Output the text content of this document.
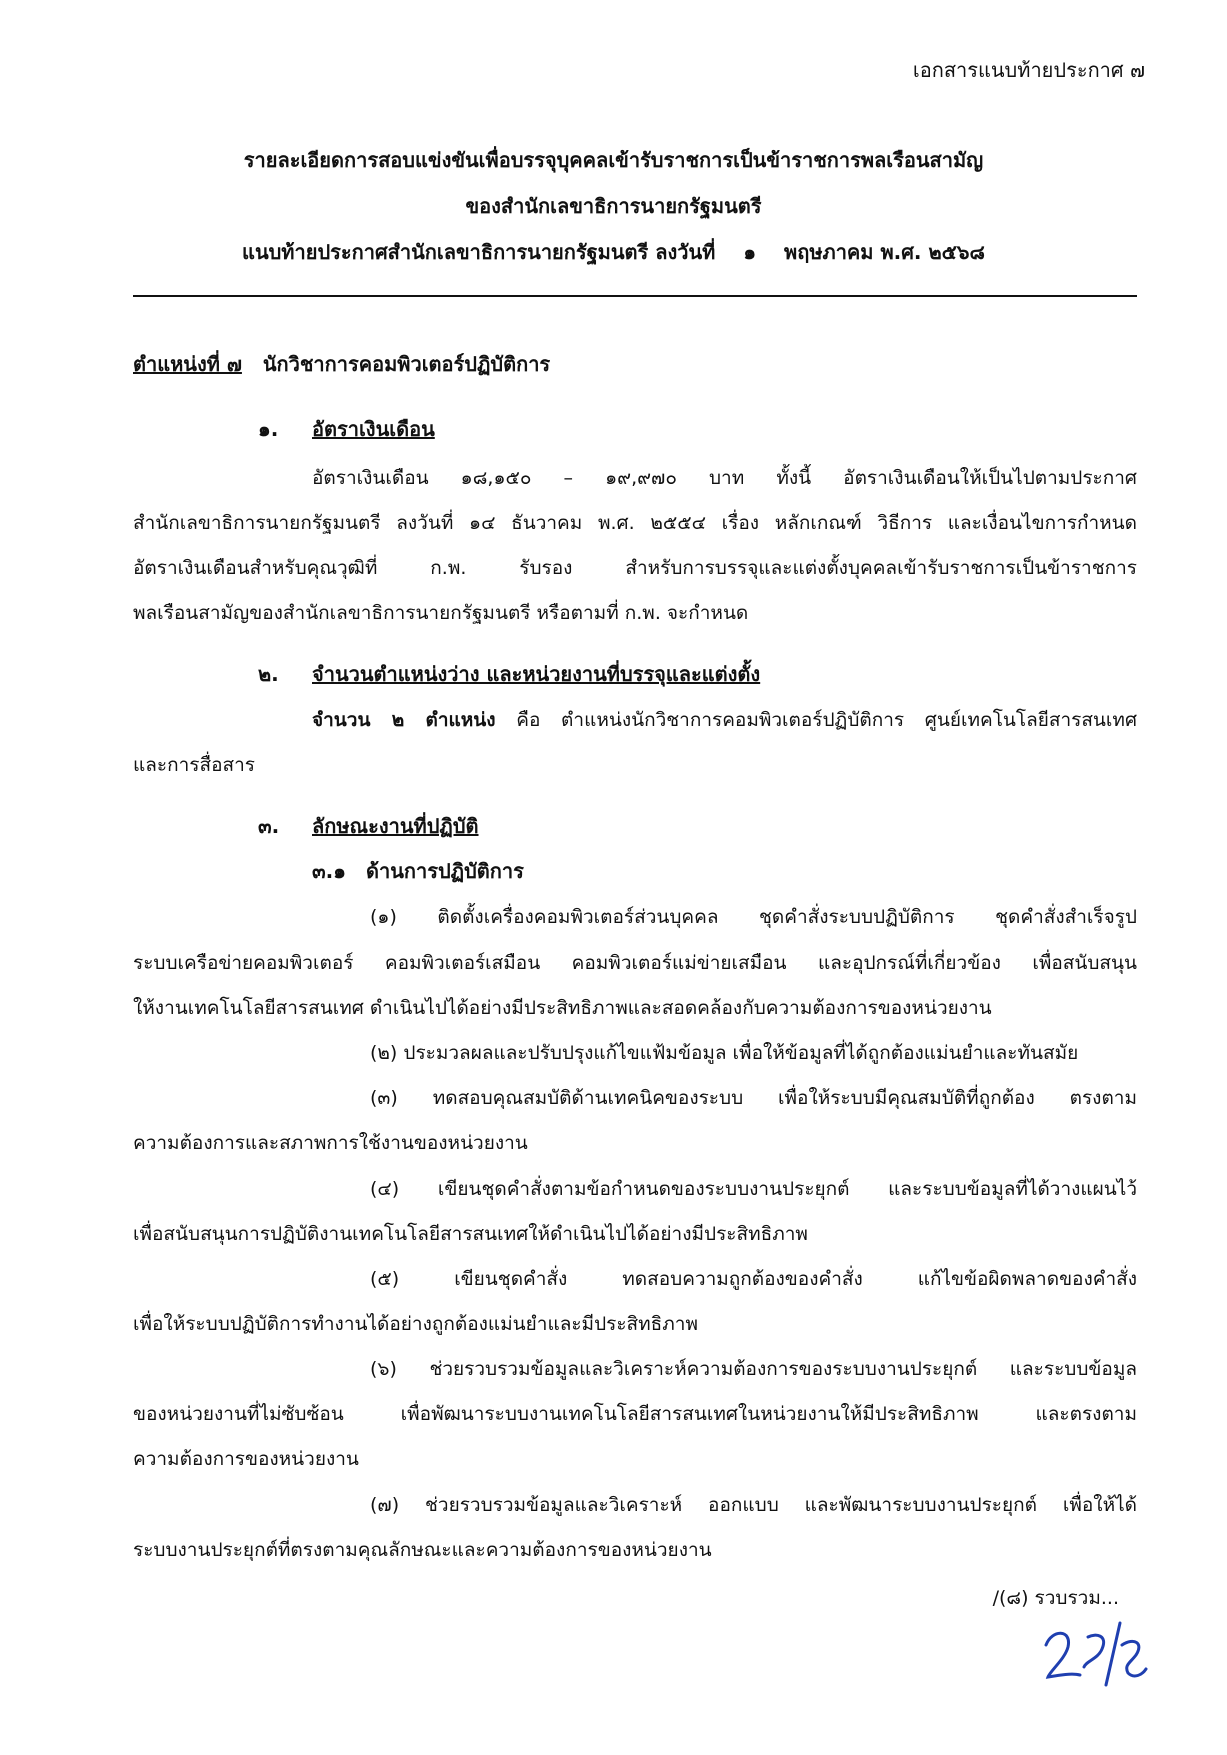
เอกสารแนบท้ายประกาศ ๗
รายละเอียดการสอบแข่งขันเพื่อบรรจุบุคคลเข้ารับราชการเป็นข้าราชการพลเรือนสามัญ
ของสำนักเลขาธิการนายกรัฐมนตรี
แนบท้ายประกาศสำนักเลขาธิการนายกรัฐมนตรี ลงวันที่ ๑ พฤษภาคม พ.ศ. ๒๕๖๘
ตำแหน่งที่ ๗ นักวิชาการคอมพิวเตอร์ปฏิบัติการ
๑. อัตราเงินเดือน
อัตราเงินเดือน ๑๘,๑๕๐ – ๑๙,๙๗๐ บาท ทั้งนี้ อัตราเงินเดือนให้เป็นไปตามประกาศ
สำนักเลขาธิการนายกรัฐมนตรี ลงวันที่ ๑๔ ธันวาคม พ.ศ. ๒๕๕๔ เรื่อง หลักเกณฑ์ วิธีการ และเงื่อนไขการกำหนด
อัตราเงินเดือนสำหรับคุณวุฒิที่ ก.พ. รับรอง สำหรับการบรรจุและแต่งตั้งบุคคลเข้ารับราชการเป็นข้าราชการ
พลเรือนสามัญของสำนักเลขาธิการนายกรัฐมนตรี หรือตามที่ ก.พ. จะกำหนด
๒. จำนวนตำแหน่งว่าง และหน่วยงานที่บรรจุและแต่งตั้ง
จำนวน ๒ ตำแหน่ง คือ ตำแหน่งนักวิชาการคอมพิวเตอร์ปฏิบัติการ ศูนย์เทคโนโลยีสารสนเทศ
และการสื่อสาร
๓. ลักษณะงานที่ปฏิบัติ
๓.๑ ด้านการปฏิบัติการ
(๑) ติดตั้งเครื่องคอมพิวเตอร์ส่วนบุคคล ชุดคำสั่งระบบปฏิบัติการ ชุดคำสั่งสำเร็จรูป
ระบบเครือข่ายคอมพิวเตอร์ คอมพิวเตอร์เสมือน คอมพิวเตอร์แม่ข่ายเสมือน และอุปกรณ์ที่เกี่ยวข้อง เพื่อสนับสนุน
ให้งานเทคโนโลยีสารสนเทศ ดำเนินไปได้อย่างมีประสิทธิภาพและสอดคล้องกับความต้องการของหน่วยงาน
(๒) ประมวลผลและปรับปรุงแก้ไขแฟ้มข้อมูล เพื่อให้ข้อมูลที่ได้ถูกต้องแม่นยำและทันสมัย
(๓) ทดสอบคุณสมบัติด้านเทคนิคของระบบ เพื่อให้ระบบมีคุณสมบัติที่ถูกต้อง ตรงตาม
ความต้องการและสภาพการใช้งานของหน่วยงาน
(๔) เขียนชุดคำสั่งตามข้อกำหนดของระบบงานประยุกต์ และระบบข้อมูลที่ได้วางแผนไว้
เพื่อสนับสนุนการปฏิบัติงานเทคโนโลยีสารสนเทศให้ดำเนินไปได้อย่างมีประสิทธิภาพ
(๕) เขียนชุดคำสั่ง ทดสอบความถูกต้องของคำสั่ง แก้ไขข้อผิดพลาดของคำสั่ง
เพื่อให้ระบบปฏิบัติการทำงานได้อย่างถูกต้องแม่นยำและมีประสิทธิภาพ
(๖) ช่วยรวบรวมข้อมูลและวิเคราะห์ความต้องการของระบบงานประยุกต์ และระบบข้อมูล
ของหน่วยงานที่ไม่ซับซ้อน เพื่อพัฒนาระบบงานเทคโนโลยีสารสนเทศในหน่วยงานให้มีประสิทธิภาพ และตรงตาม
ความต้องการของหน่วยงาน
(๗) ช่วยรวบรวมข้อมูลและวิเคราะห์ ออกแบบ และพัฒนาระบบงานประยุกต์ เพื่อให้ได้
ระบบงานประยุกต์ที่ตรงตามคุณลักษณะและความต้องการของหน่วยงาน
/(๘) รวบรวม...
